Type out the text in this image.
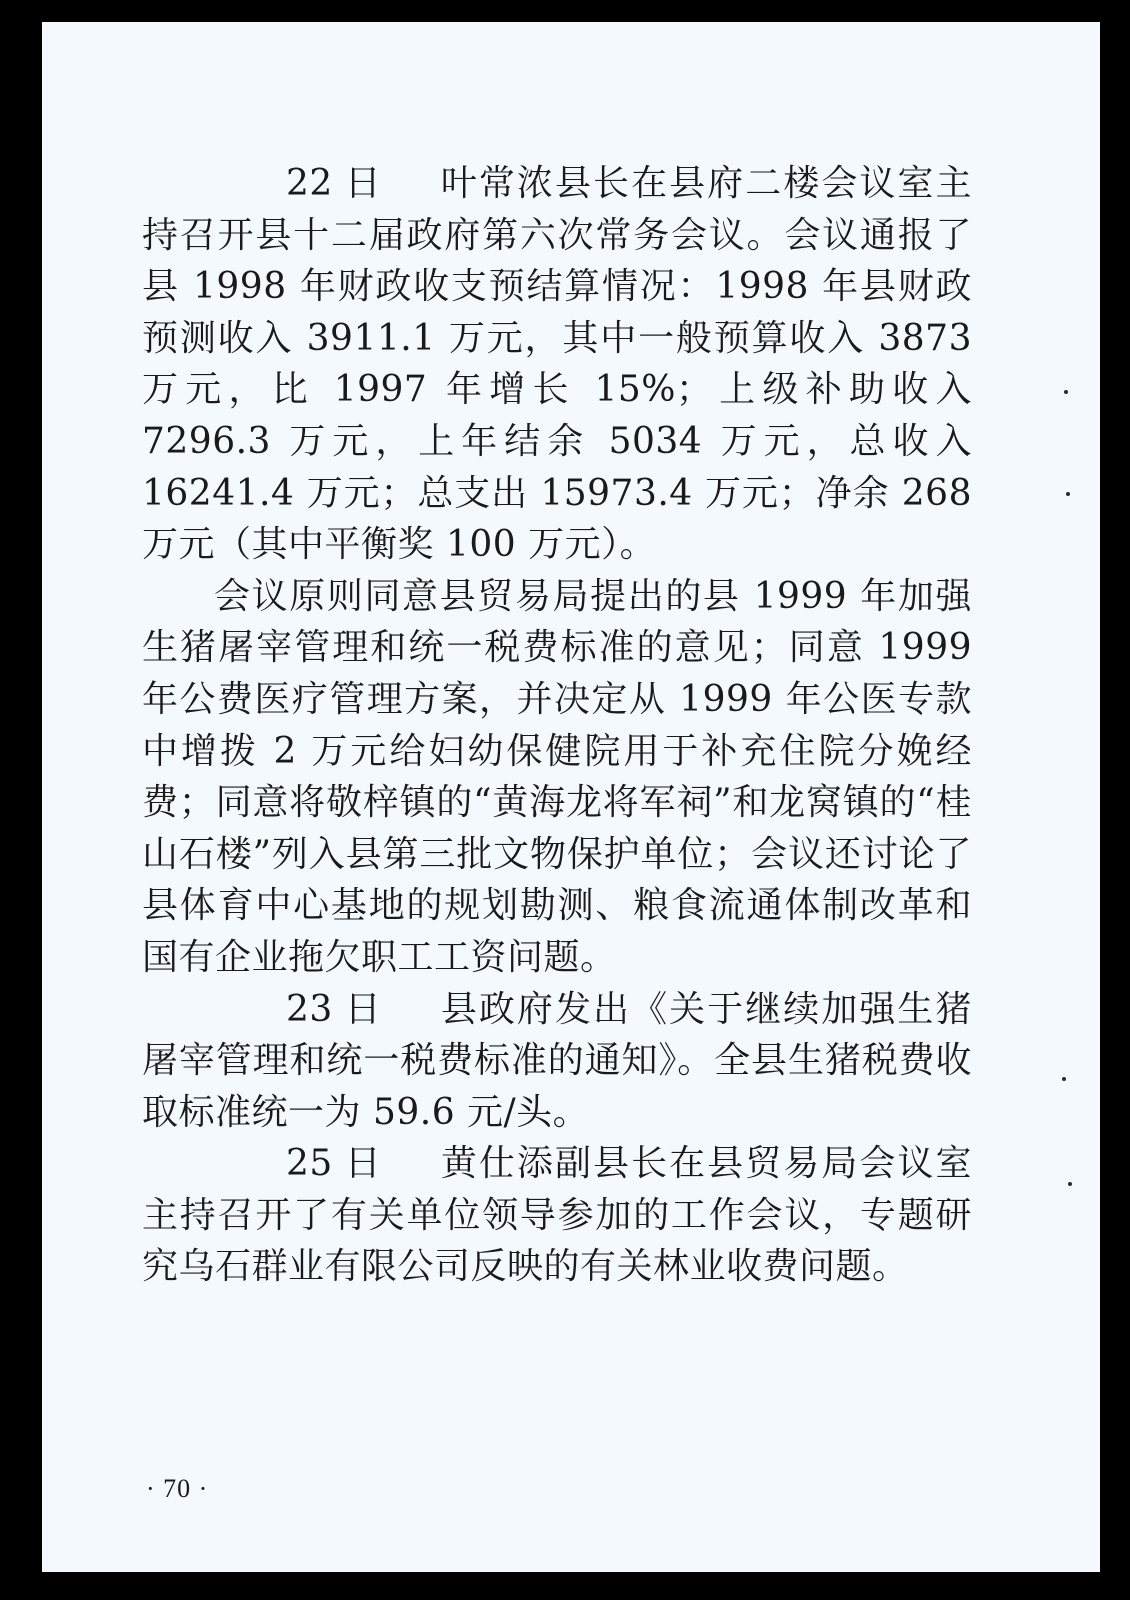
22 日 叶常浓县长在县府二楼会议室主持召开县十二届政府第六次常务会议。会议通报了县 1998 年财政收支预结算情况：1998 年县财政预测收入 3911.1 万元，其中一般预算收入 3873 万元，比 1997 年增长 15%；上级补助收入 7296.3 万元，上年结余 5034 万元，总收入 16241.4 万元；总支出 15973.4 万元；净余 268 万元（其中平衡奖 100 万元）。

会议原则同意县贸易局提出的县 1999 年加强生猪屠宰管理和统一税费标准的意见；同意 1999 年公费医疗管理方案，并决定从 1999 年公医专款中增拨 2 万元给妇幼保健院用于补充住院分娩经费；同意将敬梓镇的“黄海龙将军祠”和龙窝镇的“桂山石楼”列入县第三批文物保护单位；会议还讨论了县体育中心基地的规划勘测、粮食流通体制改革和国有企业拖欠职工工资问题。

23 日 县政府发出《关于继续加强生猪屠宰管理和统一税费标准的通知》。全县生猪税费收取标准统一为 59.6 元/头。

25 日 黄仕添副县长在县贸易局会议室主持召开了有关单位领导参加的工作会议，专题研究乌石群业有限公司反映的有关林业收费问题。

· 70 ·
